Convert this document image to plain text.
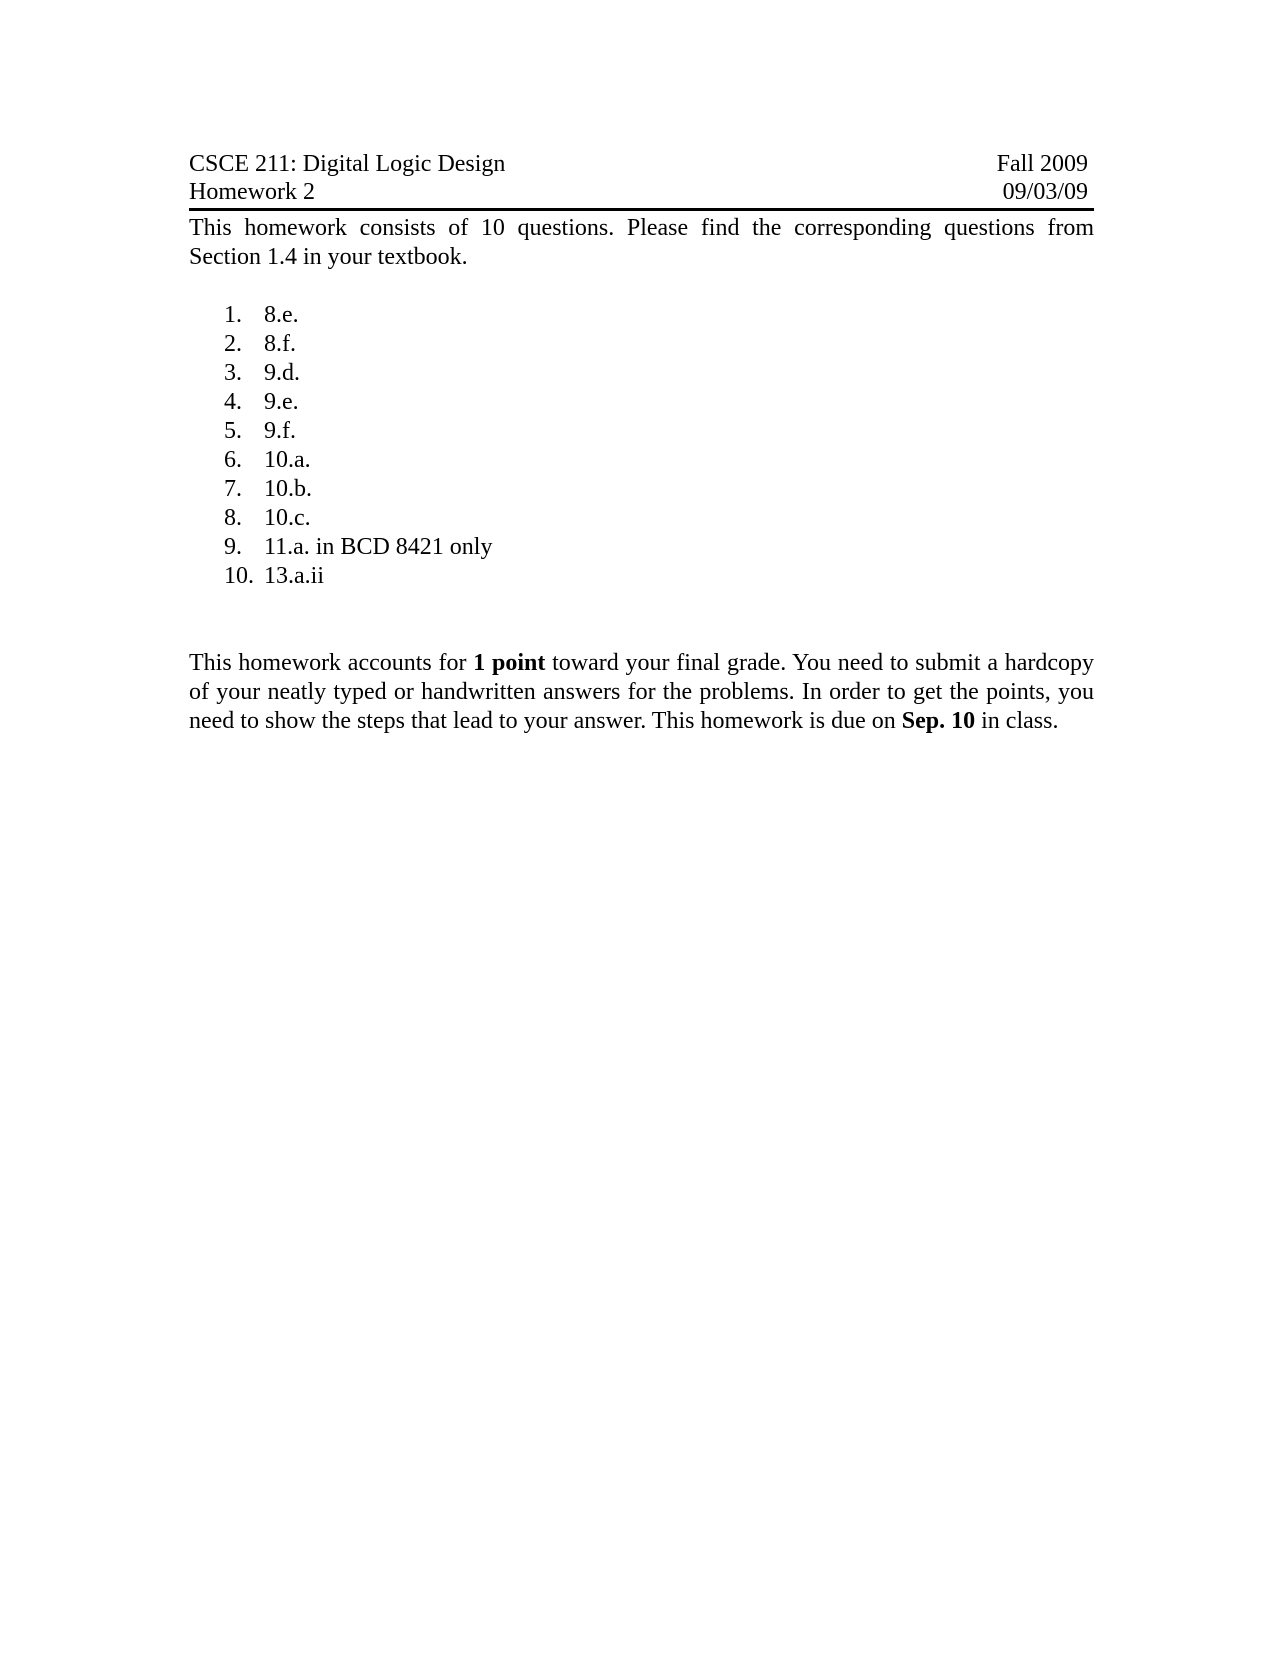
CSCE 211: Digital Logic Design	Fall 2009
Homework 2	09/03/09
This homework consists of 10 questions. Please find the corresponding questions from Section 1.4 in your textbook.
1. 8.e.
2. 8.f.
3. 9.d.
4. 9.e.
5. 9.f.
6. 10.a.
7. 10.b.
8. 10.c.
9. 11.a. in BCD 8421 only
10. 13.a.ii
This homework accounts for 1 point toward your final grade. You need to submit a hardcopy of your neatly typed or handwritten answers for the problems. In order to get the points, you need to show the steps that lead to your answer. This homework is due on Sep. 10 in class.
